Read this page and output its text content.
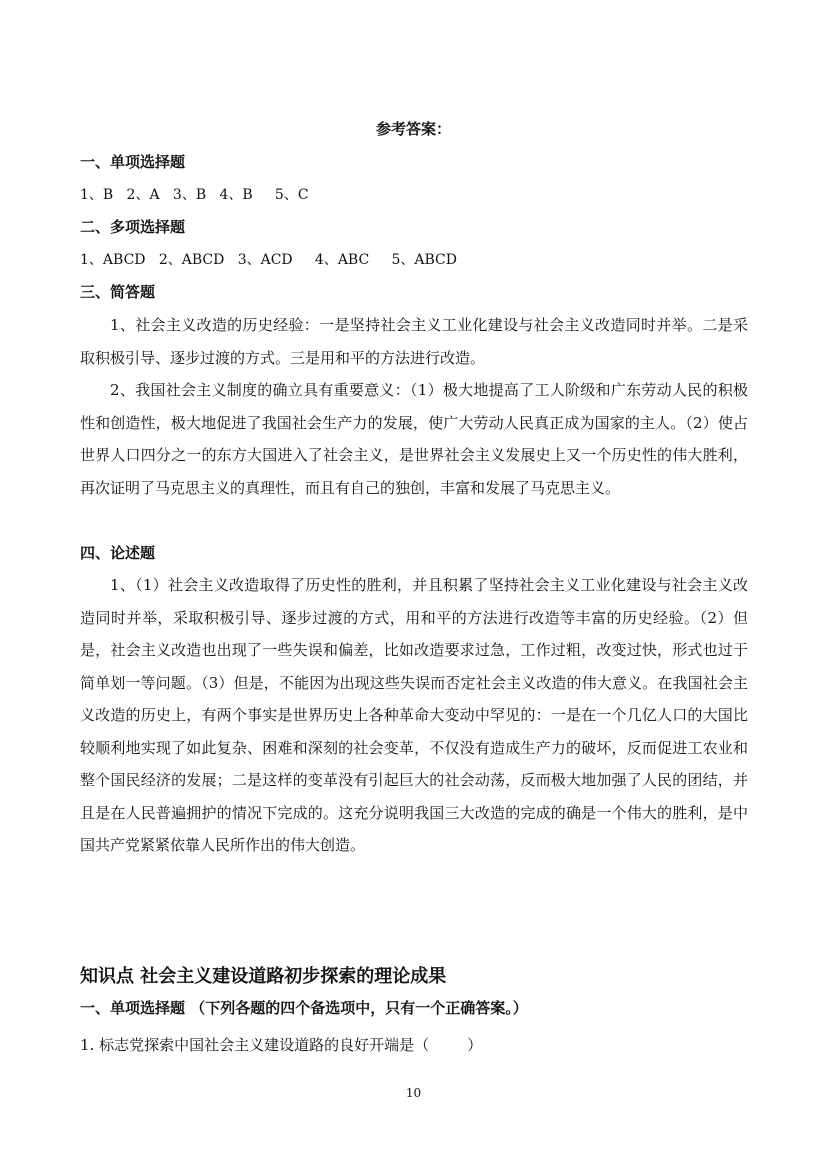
参考答案：
一、单项选择题
1、B   2、A   3、B   4、B     5、C
二、多项选择题
1、ABCD   2、ABCD   3、ACD     4、ABC     5、ABCD
三、简答题
1、社会主义改造的历史经验：一是坚持社会主义工业化建设与社会主义改造同时并举。二是采取积极引导、逐步过渡的方式。三是用和平的方法进行改造。
2、我国社会主义制度的确立具有重要意义：（1）极大地提高了工人阶级和广东劳动人民的积极性和创造性，极大地促进了我国社会生产力的发展，使广大劳动人民真正成为国家的主人。（2）使占世界人口四分之一的东方大国进入了社会主义，是世界社会主义发展史上又一个历史性的伟大胜利，再次证明了马克思主义的真理性，而且有自己的独创，丰富和发展了马克思主义。
四、论述题
1、（1）社会主义改造取得了历史性的胜利，并且积累了坚持社会主义工业化建设与社会主义改造同时并举，采取积极引导、逐步过渡的方式，用和平的方法进行改造等丰富的历史经验。（2）但是，社会主义改造也出现了一些失误和偏差，比如改造要求过急，工作过粗，改变过快，形式也过于简单划一等问题。（3）但是，不能因为出现这些失误而否定社会主义改造的伟大意义。在我国社会主义改造的历史上，有两个事实是世界历史上各种革命大变动中罕见的：一是在一个几亿人口的大国比较顺利地实现了如此复杂、困难和深刻的社会变革，不仅没有造成生产力的破坏，反而促进工农业和整个国民经济的发展；二是这样的变革没有引起巨大的社会动荡，反而极大地加强了人民的团结，并且是在人民普遍拥护的情况下完成的。这充分说明我国三大改造的完成的确是一个伟大的胜利，是中国共产党紧紧依靠人民所作出的伟大创造。
知识点 社会主义建设道路初步探索的理论成果
一、单项选择题 （下列各题的四个备选项中，只有一个正确答案。）
1. 标志党探索中国社会主义建设道路的良好开端是（        ）
10
